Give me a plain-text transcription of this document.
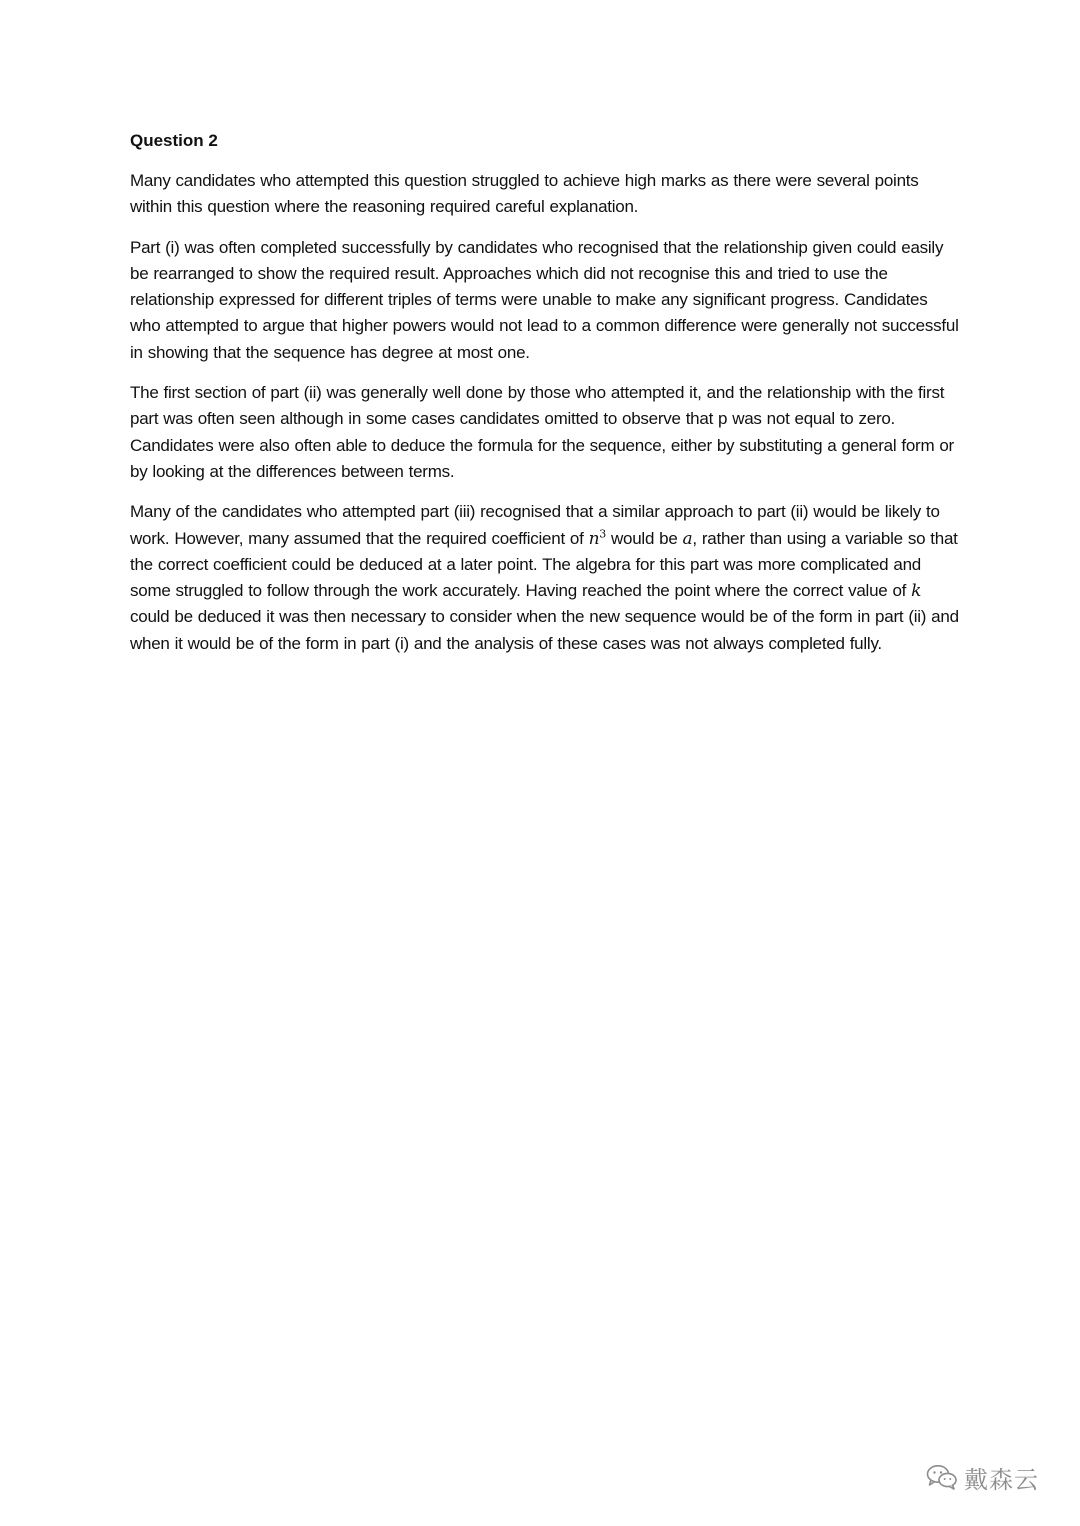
Question 2

Many candidates who attempted this question struggled to achieve high marks as there were several points within this question where the reasoning required careful explanation.

Part (i) was often completed successfully by candidates who recognised that the relationship given could easily be rearranged to show the required result. Approaches which did not recognise this and tried to use the relationship expressed for different triples of terms were unable to make any significant progress. Candidates who attempted to argue that higher powers would not lead to a common difference were generally not successful in showing that the sequence has degree at most one.

The first section of part (ii) was generally well done by those who attempted it, and the relationship with the first part was often seen although in some cases candidates omitted to observe that p was not equal to zero. Candidates were also often able to deduce the formula for the sequence, either by substituting a general form or by looking at the differences between terms.

Many of the candidates who attempted part (iii) recognised that a similar approach to part (ii) would be likely to work. However, many assumed that the required coefficient of $n^3$ would be a, rather than using a variable so that the correct coefficient could be deduced at a later point. The algebra for this part was more complicated and some struggled to follow through the work accurately. Having reached the point where the correct value of k could be deduced it was then necessary to consider when the new sequence would be of the form in part (ii) and when it would be of the form in part (i) and the analysis of these cases was not always completed fully.

戴森云
